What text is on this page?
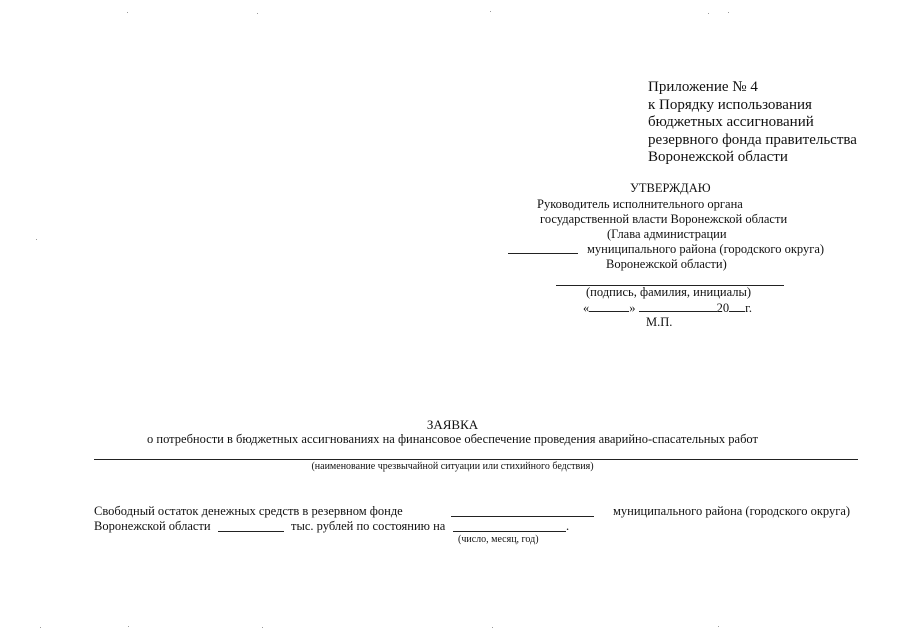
Приложение № 4
к Порядку использования
бюджетных ассигнований
резервного фонда правительства
Воронежской области
УТВЕРЖДАЮ
Руководитель исполнительного органа
государственной власти Воронежской области
(Глава администрации
муниципального района (городского округа)
Воронежской области)
(подпись, фамилия, инициалы)
«	»	20 г.
М.П.
ЗАЯВКА
о потребности в бюджетных ассигнованиях на финансовое обеспечение проведения аварийно-спасательных работ
(наименование чрезвычайной ситуации или стихийного бедствия)
Свободный остаток денежных средств в резервном фонде	муниципального района (городского округа)
Воронежской области	тыс. рублей по состоянию на	.
(число, месяц, год)
